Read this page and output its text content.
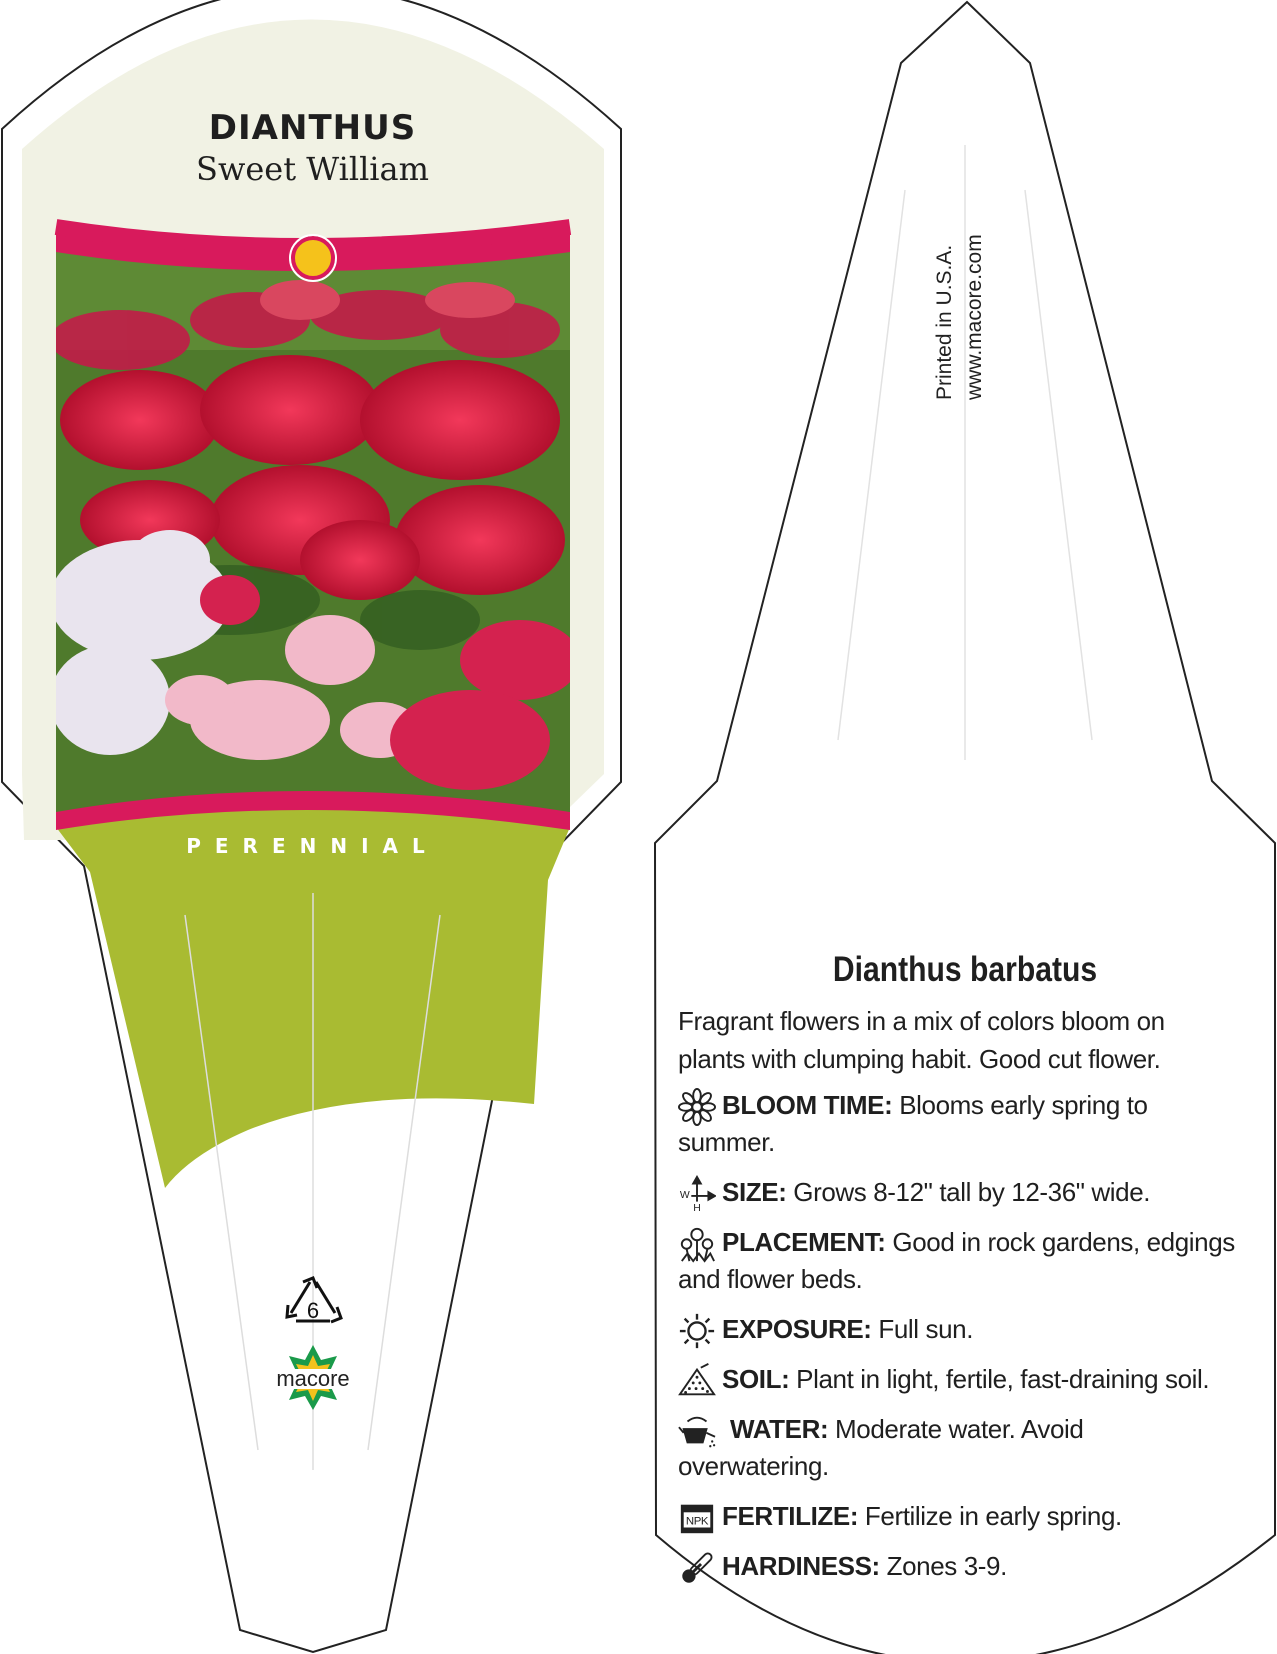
6
macore
DIANTHUS
Sweet William
PERENNIAL
Printed in U.S.A. www.macore.com
Dianthus barbatus
Fragrant flowers in a mix of colors bloom on plants with clumping habit. Good cut flower.
BLOOM TIME: Blooms early spring to summer.
W
H
SIZE: Grows 8-12" tall by 12-36" wide.
PLACEMENT: Good in rock gardens, edgings and flower beds.
EXPOSURE: Full sun.
SOIL: Plant in light, fertile, fast-draining soil.
WATER: Moderate water. Avoid overwatering.
NPK FERTILIZE: Fertilize in early spring.
HARDINESS: Zones 3-9.
